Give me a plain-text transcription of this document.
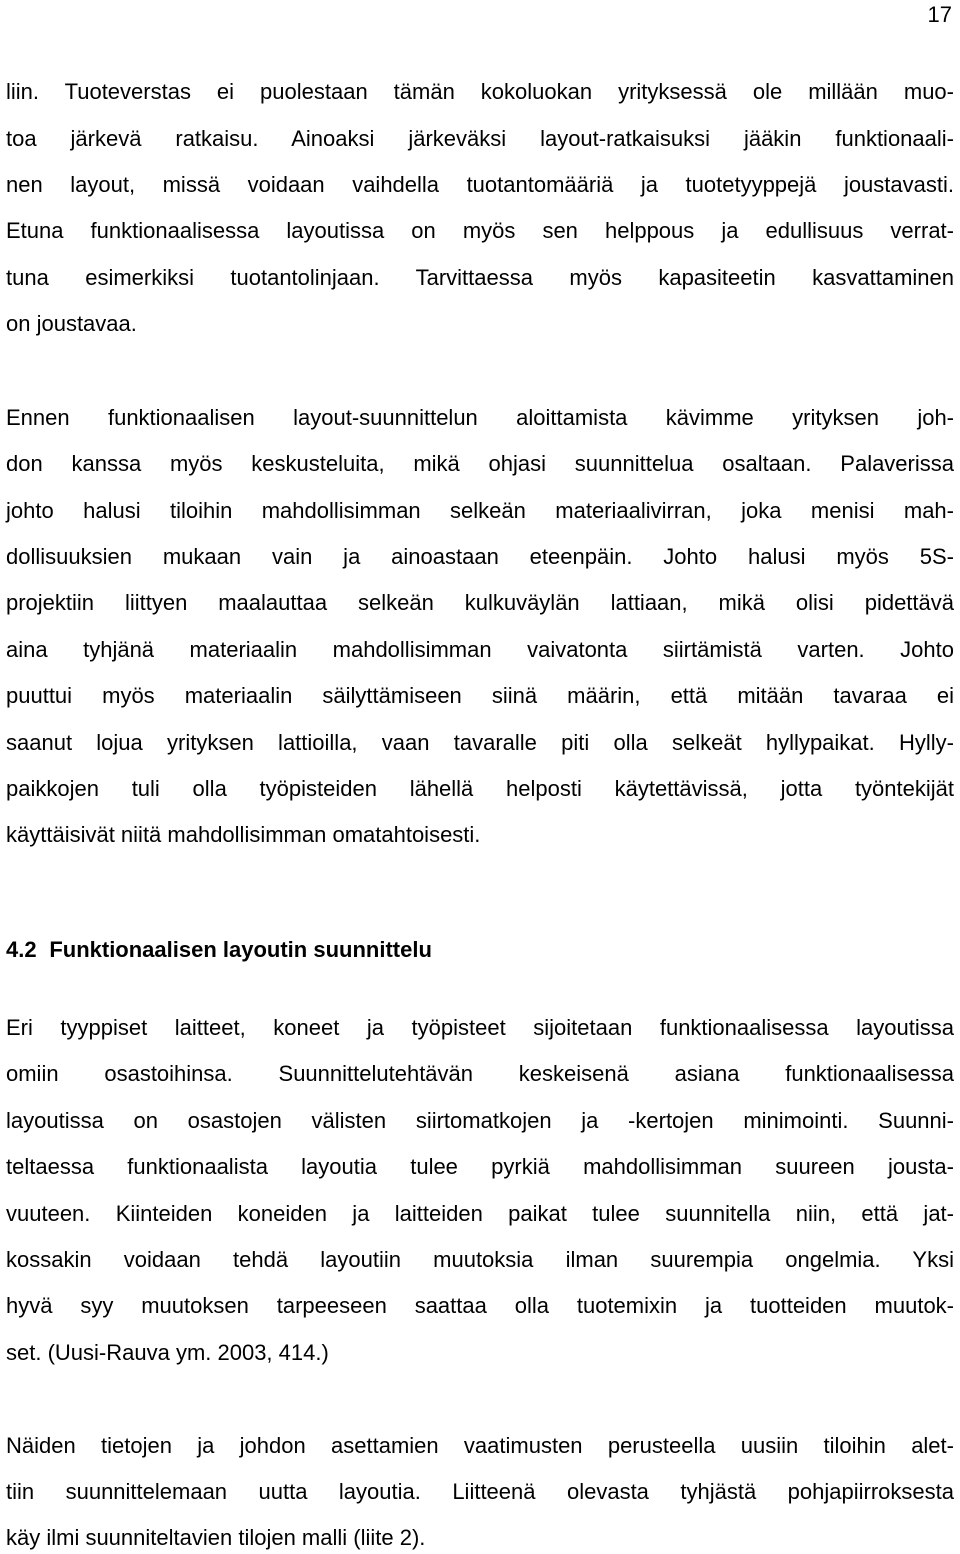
17
liin. Tuoteverstas ei puolestaan tämän kokoluokan yrityksessä ole millään muo-
toa järkevä ratkaisu. Ainoaksi järkeväksi layout-ratkaisuksi jääkin funktionaali-
nen layout, missä voidaan vaihdella tuotantomääriä ja tuotetyyppejä joustavasti.
Etuna funktionaalisessa layoutissa on myös sen helppous ja edullisuus verrat-
tuna esimerkiksi tuotantolinjaan. Tarvittaessa myös kapasiteetin kasvattaminen
on joustavaa.
Ennen funktionaalisen layout-suunnittelun aloittamista kävimme yrityksen joh-
don kanssa myös keskusteluita, mikä ohjasi suunnittelua osaltaan. Palaverissa
johto halusi tiloihin mahdollisimman selkeän materiaalivirran, joka menisi mah-
dollisuuksien mukaan vain ja ainoastaan eteenpäin. Johto halusi myös 5S-
projektiin liittyen maalauttaa selkeän kulkuväylän lattiaan, mikä olisi pidettävä
aina tyhjänä materiaalin mahdollisimman vaivatonta siirtämistä varten. Johto
puuttui myös materiaalin säilyttämiseen siinä määrin, että mitään tavaraa ei
saanut lojua yrityksen lattioilla, vaan tavaralle piti olla selkeät hyllypaikat. Hylly-
paikkojen tuli olla työpisteiden lähellä helposti käytettävissä, jotta työntekijät
käyttäisivät niitä mahdollisimman omatahtoisesti.
4.2 Funktionaalisen layoutin suunnittelu
Eri tyyppiset laitteet, koneet ja työpisteet sijoitetaan funktionaalisessa layoutissa
omiin osastoihinsa. Suunnittelutehtävän keskeisenä asiana funktionaalisessa
layoutissa on osastojen välisten siirtomatkojen ja -kertojen minimointi. Suunni-
teltaessa funktionaalista layoutia tulee pyrkiä mahdollisimman suureen jousta-
vuuteen. Kiinteiden koneiden ja laitteiden paikat tulee suunnitella niin, että jat-
kossakin voidaan tehdä layoutiin muutoksia ilman suurempia ongelmia. Yksi
hyvä syy muutoksen tarpeeseen saattaa olla tuotemixin ja tuotteiden muutok-
set. (Uusi-Rauva ym. 2003, 414.)
Näiden tietojen ja johdon asettamien vaatimusten perusteella uusiin tiloihin alet-
tiin suunnittelemaan uutta layoutia. Liitteenä olevasta tyhjästä pohjapiirroksesta
käy ilmi suunniteltavien tilojen malli (liite 2).
